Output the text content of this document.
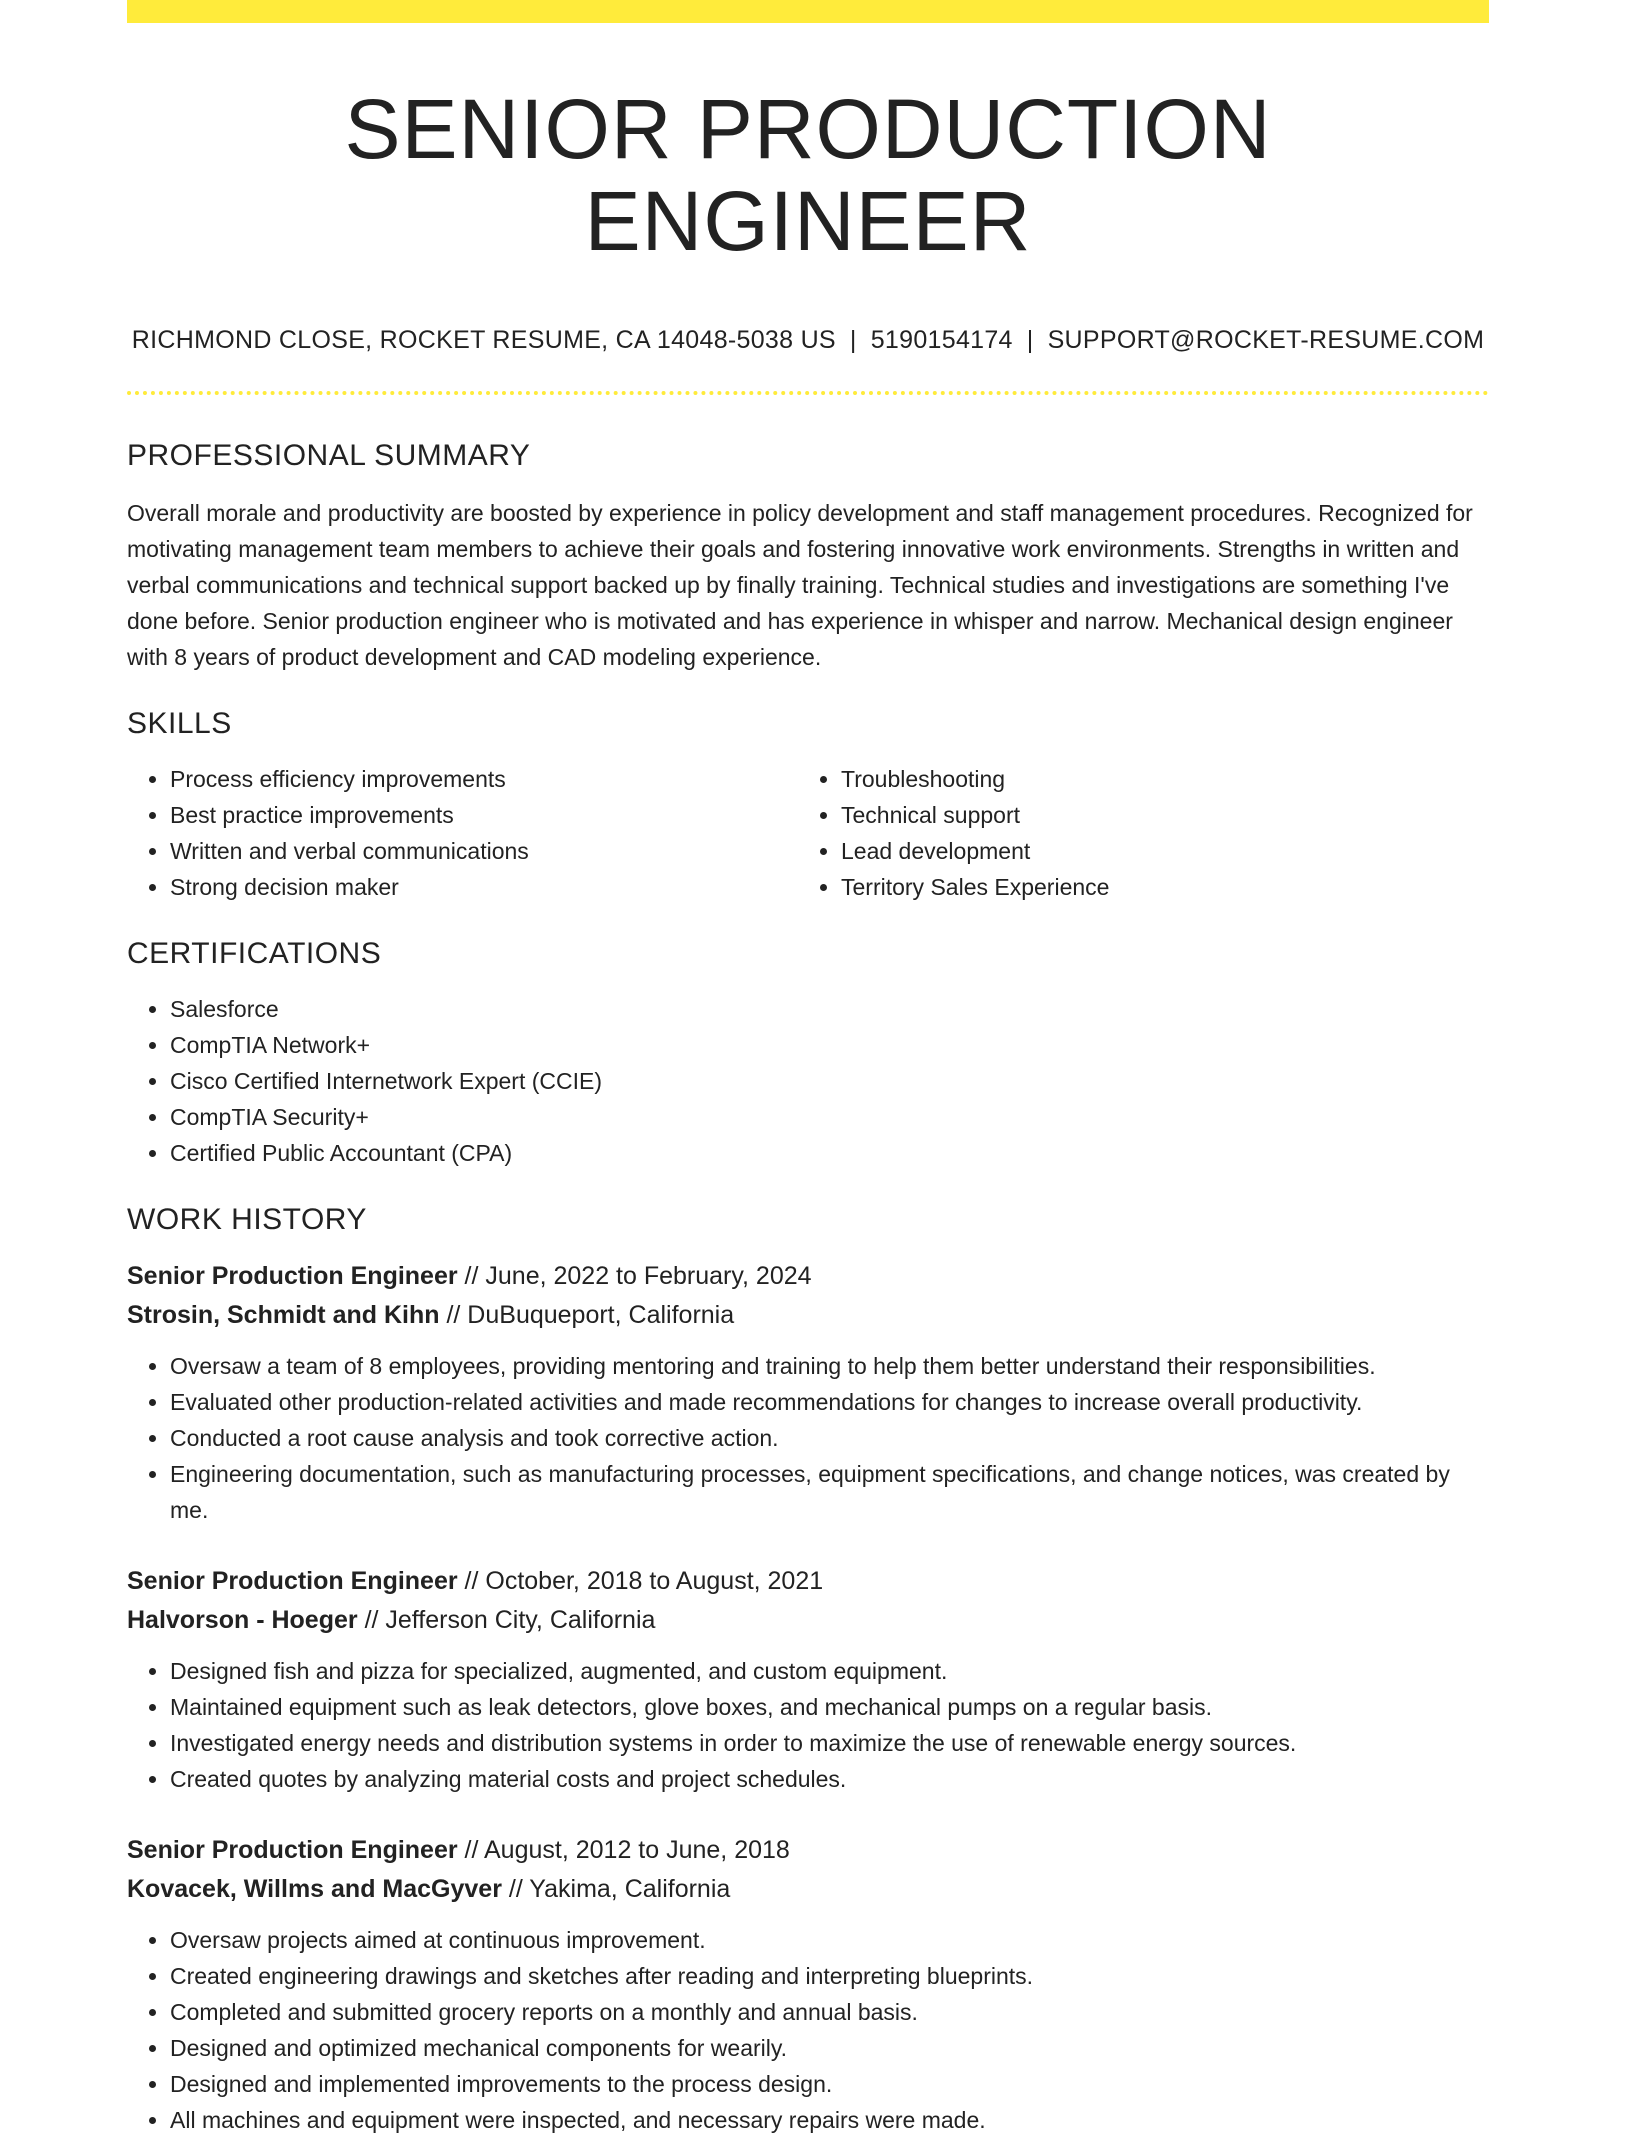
SENIOR PRODUCTION ENGINEER
RICHMOND CLOSE, ROCKET RESUME, CA 14048-5038 US | 5190154174 | SUPPORT@ROCKET-RESUME.COM
PROFESSIONAL SUMMARY

Overall morale and productivity are boosted by experience in policy development and staff management procedures. Recognized for motivating management team members to achieve their goals and fostering innovative work environments. Strengths in written and verbal communications and technical support backed up by finally training. Technical studies and investigations are something I've done before. Senior production engineer who is motivated and has experience in whisper and narrow. Mechanical design engineer with 8 years of product development and CAD modeling experience.

SKILLS
• Process efficiency improvements
• Best practice improvements
• Written and verbal communications
• Strong decision maker
• Troubleshooting
• Technical support
• Lead development
• Territory Sales Experience
CERTIFICATIONS
• Salesforce
• CompTIA Network+
• Cisco Certified Internetwork Expert (CCIE)
• CompTIA Security+
• Certified Public Accountant (CPA)
WORK HISTORY
Senior Production Engineer // June, 2022 to February, 2024
Strosin, Schmidt and Kihn // DuBuqueport, California
• Oversaw a team of 8 employees, providing mentoring and training to help them better understand their responsibilities.
• Evaluated other production-related activities and made recommendations for changes to increase overall productivity.
• Conducted a root cause analysis and took corrective action.
• Engineering documentation, such as manufacturing processes, equipment specifications, and change notices, was created by me.
Senior Production Engineer // October, 2018 to August, 2021
Halvorson - Hoeger // Jefferson City, California
• Designed fish and pizza for specialized, augmented, and custom equipment.
• Maintained equipment such as leak detectors, glove boxes, and mechanical pumps on a regular basis.
• Investigated energy needs and distribution systems in order to maximize the use of renewable energy sources.
• Created quotes by analyzing material costs and project schedules.
Senior Production Engineer // August, 2012 to June, 2018
Kovacek, Willms and MacGyver // Yakima, California
• Oversaw projects aimed at continuous improvement.
• Created engineering drawings and sketches after reading and interpreting blueprints.
• Completed and submitted grocery reports on a monthly and annual basis.
• Designed and optimized mechanical components for wearily.
• Designed and implemented improvements to the process design.
• All machines and equipment were inspected, and necessary repairs were made.
